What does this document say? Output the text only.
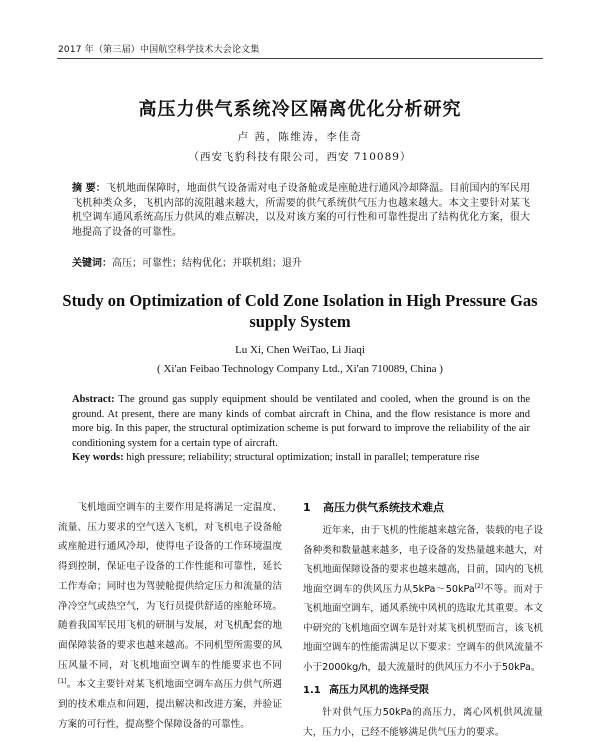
2017 年（第三届）中国航空科学技术大会论文集
高压力供气系统冷区隔离优化分析研究
卢 茜，陈维涛，李佳奇
（西安飞豹科技有限公司，西安 710089）
摘 要：飞机地面保障时，地面供气设备需对电子设备舱或是座舱进行通风冷却降温。目前国内的军民用飞机种类众多，飞机内部的流阻越来越大，所需要的供气系统供气压力也越来越大。本文主要针对某飞机空调车通风系统高压力供风的难点解决，以及对该方案的可行性和可靠性提出了结构优化方案，很大地提高了设备的可靠性。
关键词：高压；可靠性；结构优化；并联机组；退升
Study on Optimization of Cold Zone Isolation in High Pressure Gas supply System
Lu Xi, Chen WeiTao, Li Jiaqi
( Xi'an Feibao Technology Company Ltd., Xi'an 710089, China )
Abstract: The ground gas supply equipment should be ventilated and cooled, when the ground is on the ground. At present, there are many kinds of combat aircraft in China, and the flow resistance is more and more big. In this paper, the structural optimization scheme is put forward to improve the reliability of the air conditioning system for a certain type of aircraft.
Key words: high pressure; reliability; structural optimization; install in parallel; temperature rise

飞机地面空调车的主要作用是将满足一定温度、流量、压力要求的空气送入飞机，对飞机电子设备舱或座舱进行通风冷却，使得电子设备的工作环境温度得到控制，保证电子设备的工作性能和可靠性，延长工作寿命；同时也为驾驶舱提供给定压力和流量的洁净冷空气或热空气，为飞行员提供舒适的座舱环境。随着我国军民用飞机的研制与发展，对飞机配套的地面保障装备的要求也越来越高。不同机型所需要的风压风量不同，对飞机地面空调车的性能要求也不同[1]。本文主要针对某飞机地面空调车高压力供气所遇到的技术难点和问题，提出解决和改进方案，并验证方案的可行性，提高整个保障设备的可靠性。

1 高压力供气系统技术难点

近年来，由于飞机的性能越来越完备，装载的电子设备种类和数量越来越多，电子设备的发热量越来越大，对飞机地面保障设备的要求也越来越高，目前，国内的飞机地面空调车的供风压力从5kPa～50kPa[2]不等。而对于飞机地面空调车，通风系统中风机的选取尤其重要。本文中研究的飞机地面空调车是针对某飞机机型而言，该飞机地面空调车的性能需满足以下要求：空调车的供风流量不小于2000kg/h，最大流量时的供风压力不小于50kPa。

1.1 高压力风机的选择受限

针对供气压力50kPa的高压力，离心风机供风流量大，压力小，已经不能够满足供气压力的要求。
